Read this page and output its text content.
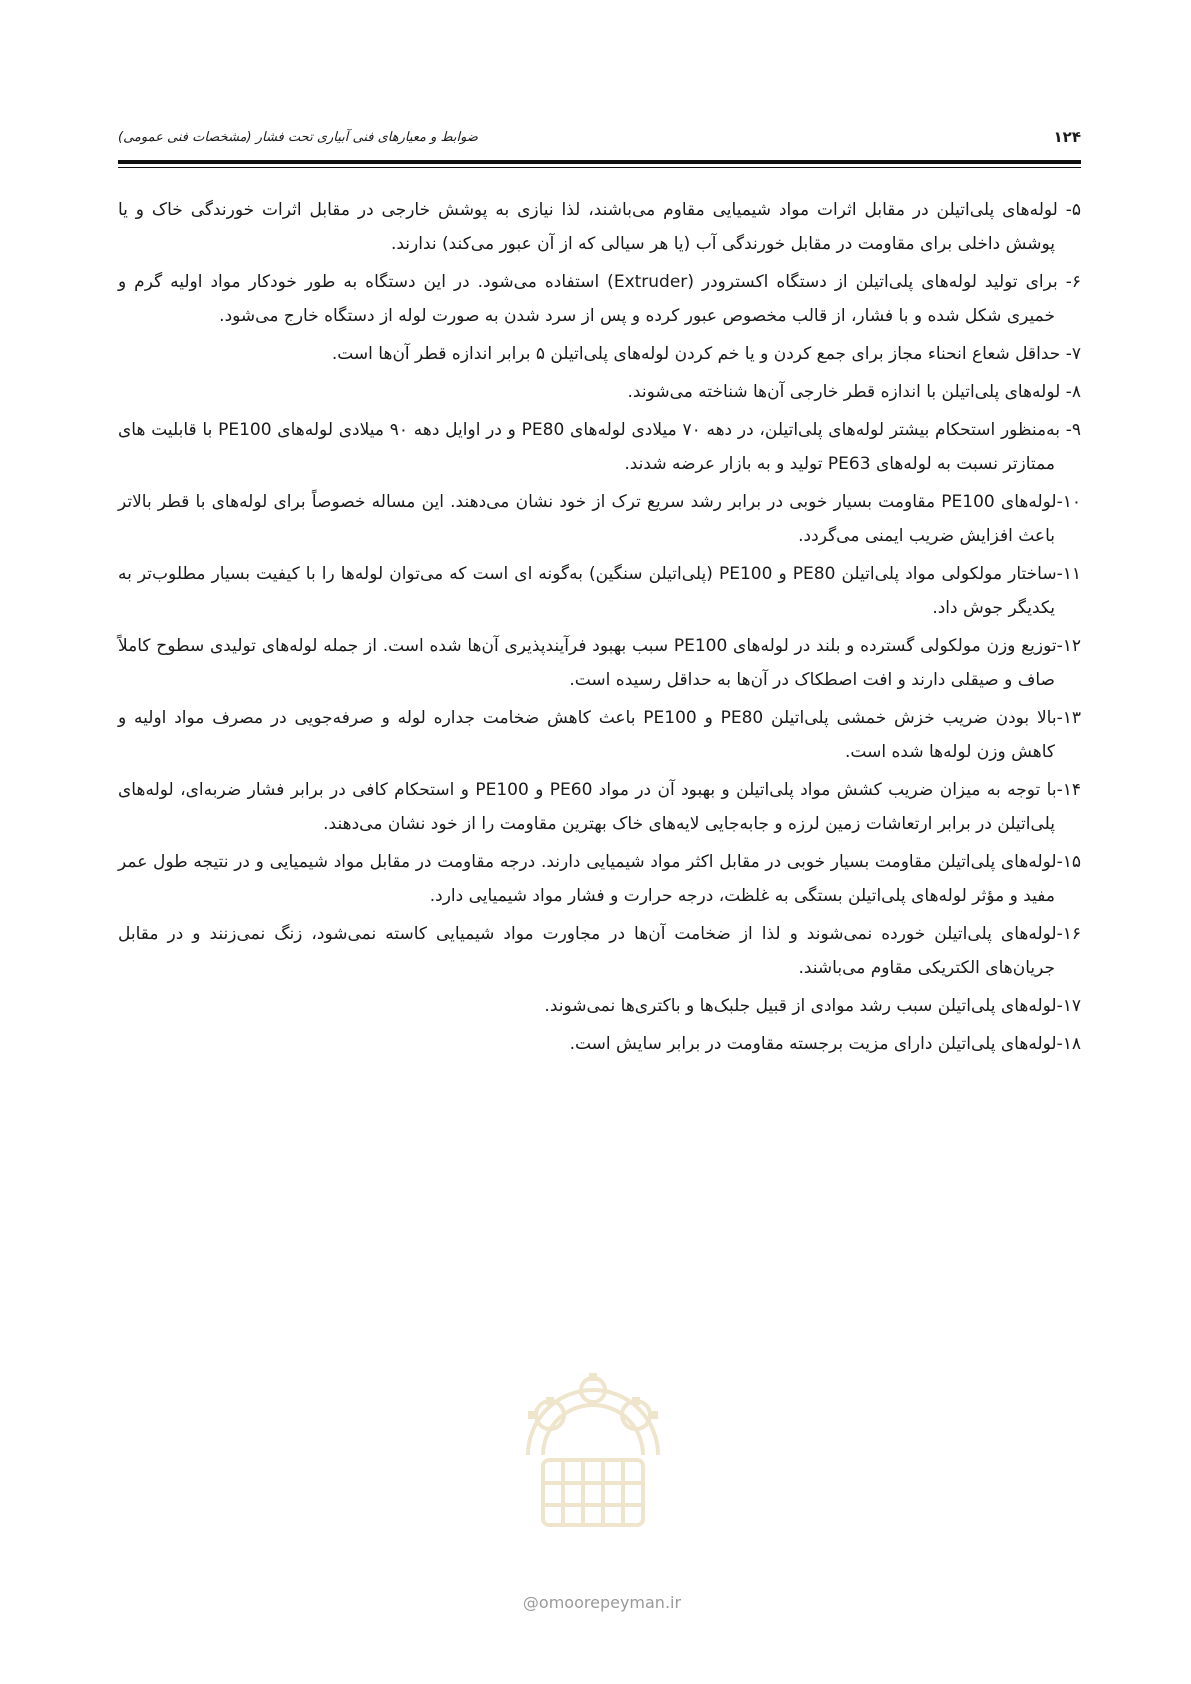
۱۲۴
ضوابط و معیارهای فنی آبیاری تحت فشار (مشخصات فنی عمومی)

۵- لوله‌های پلی‌اتیلن در مقابل اثرات مواد شیمیایی مقاوم می‌باشند، لذا نیازی به پوشش خارجی در مقابل اثرات خورندگی خاک و یا پوشش داخلی برای مقاومت در مقابل خورندگی آب (یا هر سیالی که از آن عبور می‌کند) ندارند.

۶- برای تولید لوله‌های پلی‌اتیلن از دستگاه اکسترودر (Extruder) استفاده می‌شود. در این دستگاه به طور خودکار مواد اولیه گرم و خمیری شکل شده و با فشار، از قالب مخصوص عبور کرده و پس از سرد شدن به صورت لوله از دستگاه خارج می‌شود.

۷- حداقل شعاع انحناء مجاز برای جمع کردن و یا خم کردن لوله‌های پلی‌اتیلن ۵ برابر اندازه قطر آن‌ها است.

۸- لوله‌های پلی‌اتیلن با اندازه قطر خارجی آن‌ها شناخته می‌شوند.

۹- به‌منظور استحکام بیشتر لوله‌های پلی‌اتیلن، در دهه ۷۰ میلادی لوله‌های PE80 و در اوایل دهه ۹۰ میلادی لوله‌های PE100 با قابلیت های ممتازتر نسبت به لوله‌های PE63 تولید و به بازار عرضه شدند.

۱۰-لوله‌های PE100 مقاومت بسیار خوبی در برابر رشد سریع ترک از خود نشان می‌دهند. این مساله خصوصاً برای لوله‌های با قطر بالاتر باعث افزایش ضریب ایمنی می‌گردد.

۱۱-ساختار مولکولی مواد پلی‌اتیلن PE80 و PE100 (پلی‌اتیلن سنگین) به‌گونه ای است که می‌توان لوله‌ها را با کیفیت بسیار مطلوب‌تر به یکدیگر جوش داد.

۱۲-توزیع وزن مولکولی گسترده و بلند در لوله‌های PE100 سبب بهبود فرآیندپذیری آن‌ها شده است. از جمله لوله‌های تولیدی سطوح کاملاً صاف و صیقلی دارند و افت اصطکاک در آن‌ها به حداقل رسیده است.

۱۳-بالا بودن ضریب خزش خمشی پلی‌اتیلن PE80 و PE100 باعث کاهش ضخامت جداره لوله و صرفه‌جویی در مصرف مواد اولیه و کاهش وزن لوله‌ها شده است.

۱۴-با توجه به میزان ضریب کشش مواد پلی‌اتیلن و بهبود آن در مواد PE60 و PE100 و استحکام کافی در برابر فشار ضربه‌ای، لوله‌های پلی‌اتیلن در برابر ارتعاشات زمین لرزه و جابه‌جایی لایه‌های خاک بهترین مقاومت را از خود نشان می‌دهند.

۱۵-لوله‌های پلی‌اتیلن مقاومت بسیار خوبی در مقابل اکثر مواد شیمیایی دارند. درجه مقاومت در مقابل مواد شیمیایی و در نتیجه طول عمر مفید و مؤثر لوله‌های پلی‌اتیلن بستگی به غلظت، درجه حرارت و فشار مواد شیمیایی دارد.

۱۶-لوله‌های پلی‌اتیلن خورده نمی‌شوند و لذا از ضخامت آن‌ها در مجاورت مواد شیمیایی کاسته نمی‌شود، زنگ نمی‌زنند و در مقابل جریان‌های الکتریکی مقاوم می‌باشند.

۱۷-لوله‌های پلی‌اتیلن سبب رشد موادی از قبیل جلبک‌ها و باکتری‌ها نمی‌شوند.

۱۸-لوله‌های پلی‌اتیلن دارای مزیت برجسته مقاومت در برابر سایش است.

@omoorepeyman.ir
